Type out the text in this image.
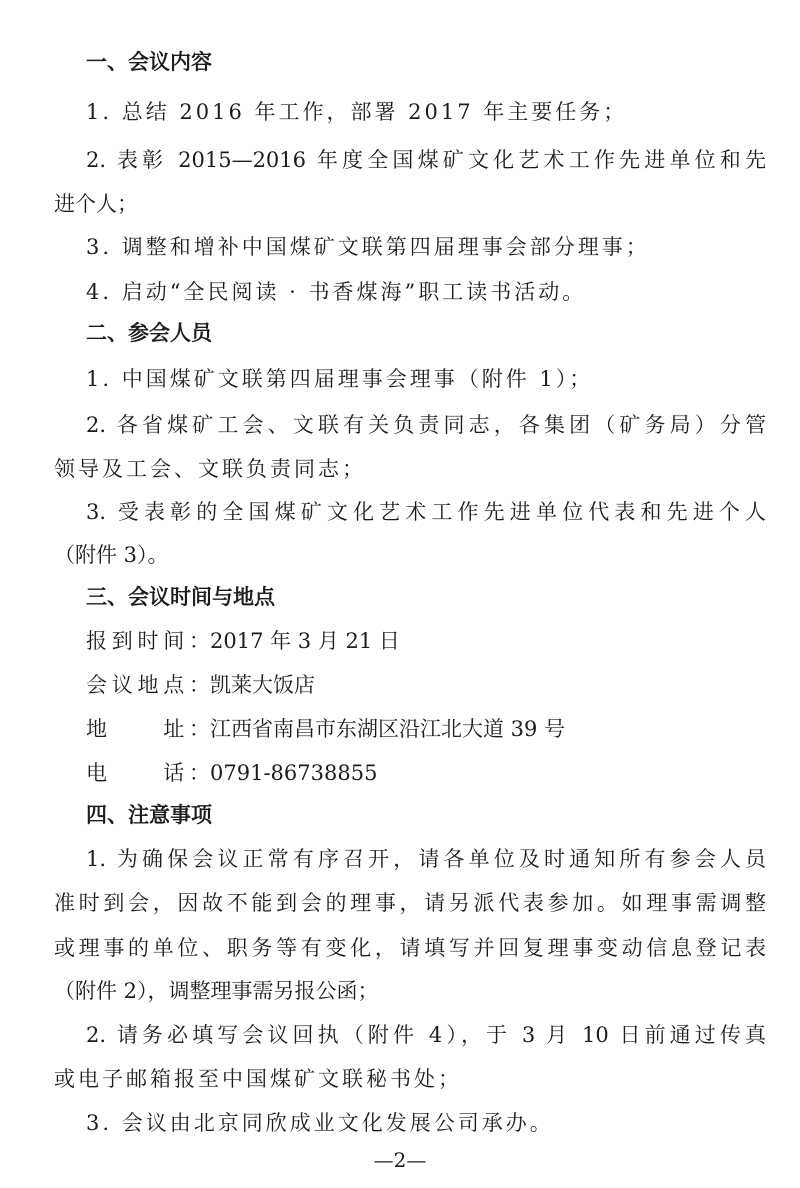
一、会议内容
1. 总结 2016 年工作，部署 2017 年主要任务；
2. 表彰 2015—2016 年度全国煤矿文化艺术工作先进单位和先
进个人；
3. 调整和增补中国煤矿文联第四届理事会部分理事；
4. 启动“全民阅读 · 书香煤海”职工读书活动。
二、参会人员
1. 中国煤矿文联第四届理事会理事（附件 1）；
2. 各省煤矿工会、文联有关负责同志，各集团（矿务局）分管
领导及工会、文联负责同志；
3. 受表彰的全国煤矿文化艺术工作先进单位代表和先进个人
（附件 3）。
三、会议时间与地点
报到时间：2017 年 3 月 21 日
会议地点：凯莱大饭店
地　　址：江西省南昌市东湖区沿江北大道 39 号
电　　话：0791-86738855
四、注意事项
1. 为确保会议正常有序召开，请各单位及时通知所有参会人员
准时到会，因故不能到会的理事，请另派代表参加。如理事需调整
或理事的单位、职务等有变化，请填写并回复理事变动信息登记表
（附件 2），调整理事需另报公函；
2. 请务必填写会议回执（附件 4），于 3 月 10 日前通过传真
或电子邮箱报至中国煤矿文联秘书处；
3. 会议由北京同欣成业文化发展公司承办。
—2—
